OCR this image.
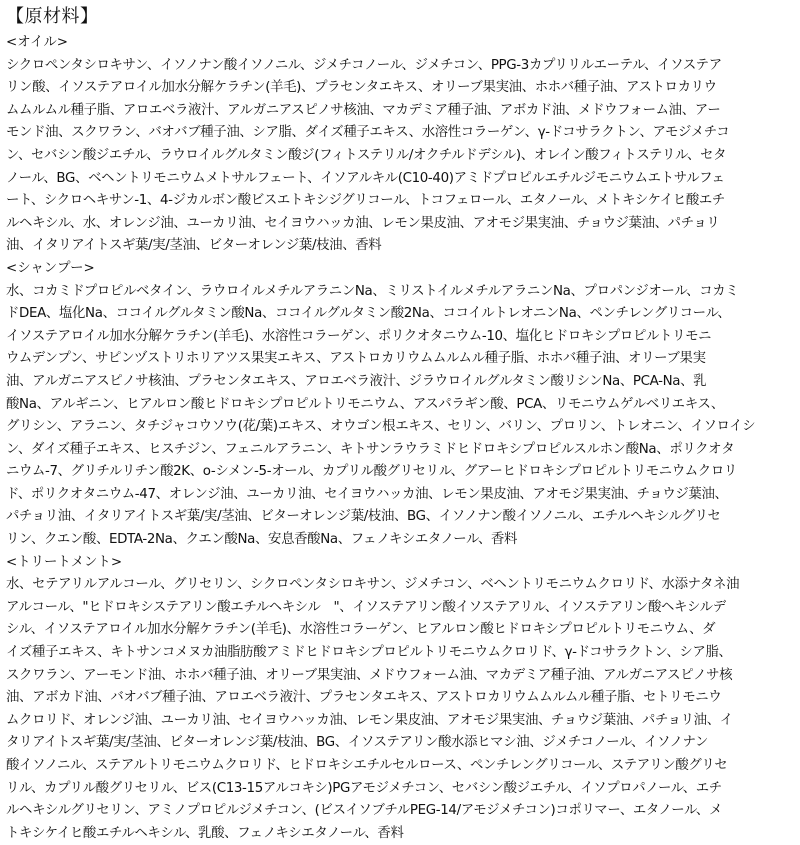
【原材料】
<オイル>
シクロペンタシロキサン、イソノナン酸イソノニル、ジメチコノール、ジメチコン、PPG-3カプリリルエーテル、イソステア
リン酸、イソステアロイル加水分解ケラチン(羊毛)、プラセンタエキス、オリーブ果実油、ホホバ種子油、アストロカリウ
ムムルムル種子脂、アロエベラ液汁、アルガニアスピノサ核油、マカデミア種子油、アボカド油、メドウフォーム油、アー
モンド油、スクワラン、バオバブ種子油、シア脂、ダイズ種子エキス、水溶性コラーゲン、γ-ドコサラクトン、アモジメチコ
ン、セバシン酸ジエチル、ラウロイルグルタミン酸ジ(フィトステリル/オクチルドデシル)、オレイン酸フィトステリル、セタ
ノール、BG、ベヘントリモニウムメトサルフェート、イソアルキル(C10-40)アミドプロピルエチルジモニウムエトサルフェ
ート、シクロヘキサン-1、4-ジカルボン酸ビスエトキシジグリコール、トコフェロール、エタノール、メトキシケイヒ酸エチ
ルヘキシル、水、オレンジ油、ユーカリ油、セイヨウハッカ油、レモン果皮油、アオモジ果実油、チョウジ葉油、パチョリ
油、イタリアイトスギ葉/実/茎油、ビターオレンジ葉/枝油、香料
<シャンプー>
水、コカミドプロピルベタイン、ラウロイルメチルアラニンNa、ミリストイルメチルアラニンNa、プロパンジオール、コカミ
ドDEA、塩化Na、ココイルグルタミン酸Na、ココイルグルタミン酸2Na、ココイルトレオニンNa、ペンチレングリコール、
イソステアロイル加水分解ケラチン(羊毛)、水溶性コラーゲン、ポリクオタニウム-10、塩化ヒドロキシプロピルトリモニ
ウムデンプン、サピンヅストリホリアツス果実エキス、アストロカリウムムルムル種子脂、ホホバ種子油、オリーブ果実
油、アルガニアスピノサ核油、プラセンタエキス、アロエベラ液汁、ジラウロイルグルタミン酸リシンNa、PCA-Na、乳
酸Na、アルギニン、ヒアルロン酸ヒドロキシプロピルトリモニウム、アスパラギン酸、PCA、リモニウムゲルベリエキス、
グリシン、アラニン、タチジャコウソウ(花/葉)エキス、オウゴン根エキス、セリン、バリン、プロリン、トレオニン、イソロイシ
ン、ダイズ種子エキス、ヒスチジン、フェニルアラニン、キトサンラウラミドヒドロキシプロピルスルホン酸Na、ポリクオタ
ニウム-7、グリチルリチン酸2K、o-シメン-5-オール、カプリル酸グリセリル、グアーヒドロキシプロピルトリモニウムクロリ
ド、ポリクオタニウム-47、オレンジ油、ユーカリ油、セイヨウハッカ油、レモン果皮油、アオモジ果実油、チョウジ葉油、
パチョリ油、イタリアイトスギ葉/実/茎油、ビターオレンジ葉/枝油、BG、イソノナン酸イソノニル、エチルヘキシルグリセ
リン、クエン酸、EDTA-2Na、クエン酸Na、安息香酸Na、フェノキシエタノール、香料
<トリートメント>
水、セテアリルアルコール、グリセリン、シクロペンタシロキサン、ジメチコン、ベヘントリモニウムクロリド、水添ナタネ油
アルコール、"ヒドロキシステアリン酸エチルヘキシル　"、イソステアリン酸イソステアリル、イソステアリン酸ヘキシルデ
シル、イソステアロイル加水分解ケラチン(羊毛)、水溶性コラーゲン、ヒアルロン酸ヒドロキシプロピルトリモニウム、ダ
イズ種子エキス、キトサンコメヌカ油脂肪酸アミドヒドロキシプロピルトリモニウムクロリド、γ-ドコサラクトン、シア脂、
スクワラン、アーモンド油、ホホバ種子油、オリーブ果実油、メドウフォーム油、マカデミア種子油、アルガニアスピノサ核
油、アボカド油、バオバブ種子油、アロエベラ液汁、プラセンタエキス、アストロカリウムムルムル種子脂、セトリモニウ
ムクロリド、オレンジ油、ユーカリ油、セイヨウハッカ油、レモン果皮油、アオモジ果実油、チョウジ葉油、パチョリ油、イ
タリアイトスギ葉/実/茎油、ビターオレンジ葉/枝油、BG、イソステアリン酸水添ヒマシ油、ジメチコノール、イソノナン
酸イソノニル、ステアルトリモニウムクロリド、ヒドロキシエチルセルロース、ペンチレングリコール、ステアリン酸グリセ
リル、カプリル酸グリセリル、ビス(C13-15アルコキシ)PGアモジメチコン、セバシン酸ジエチル、イソプロパノール、エチ
ルヘキシルグリセリン、アミノプロピルジメチコン、(ビスイソブチルPEG-14/アモジメチコン)コポリマー、エタノール、メ
トキシケイヒ酸エチルヘキシル、乳酸、フェノキシエタノール、香料
